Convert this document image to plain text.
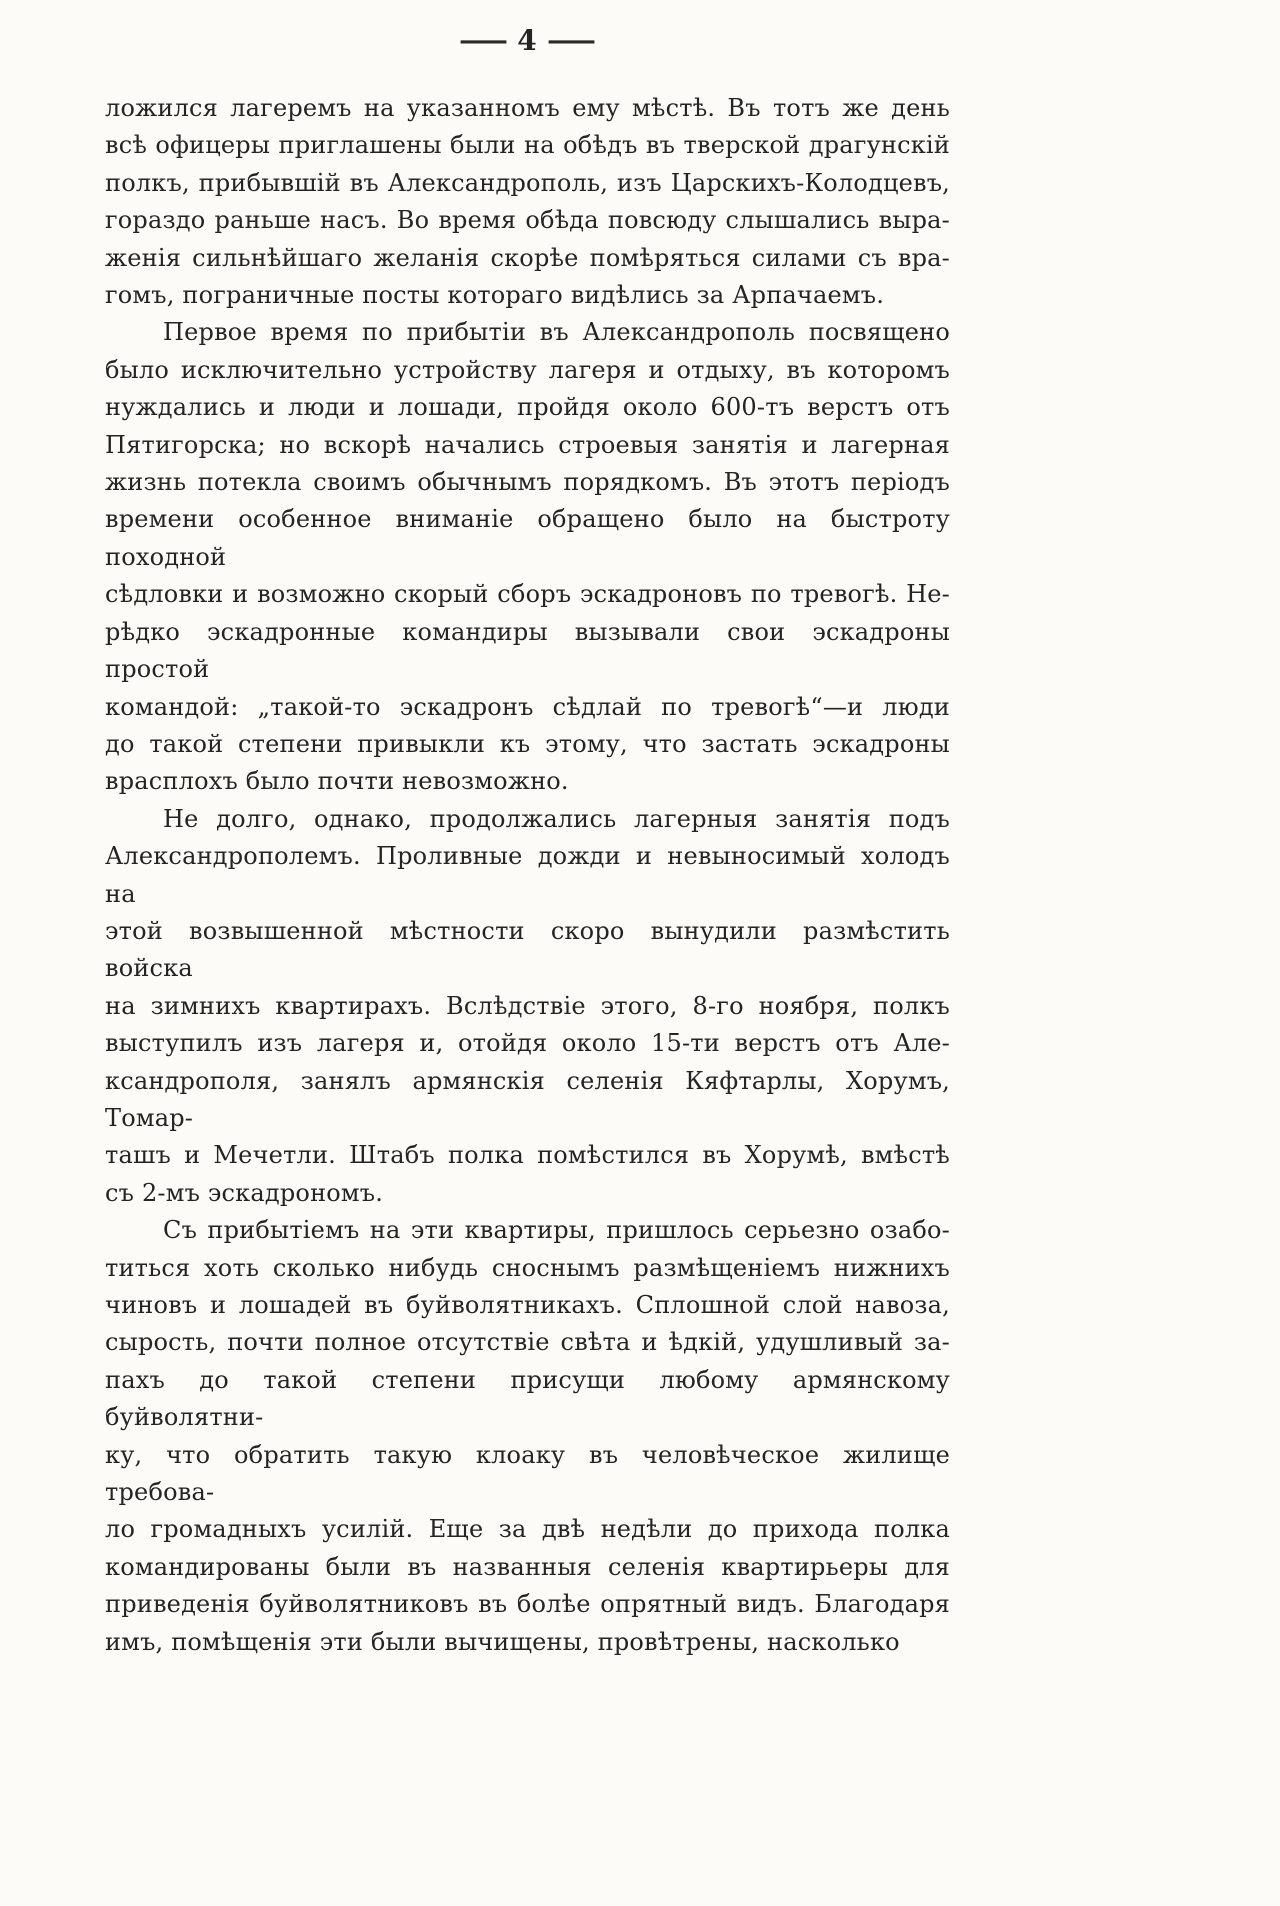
— 4 —
ложился лагеремъ на указанномъ ему мѣстѣ. Въ тотъ же день
всѣ офицеры приглашены были на обѣдъ въ тверской драгунскій
полкъ, прибывшій въ Александрополь, изъ Царскихъ-Колодцевъ,
гораздо раньше насъ. Во время обѣда повсюду слышались выра-
женія сильнѣйшаго желанія скорѣе помѣряться силами съ вра-
гомъ, пограничные посты котораго видѣлись за Арпачаемъ.
Первое время по прибытіи въ Александрополь посвящено
было исключительно устройству лагеря и отдыху, въ которомъ
нуждались и люди и лошади, пройдя около 600-тъ верстъ отъ
Пятигорска; но вскорѣ начались строевыя занятія и лагерная
жизнь потекла своимъ обычнымъ порядкомъ. Въ этотъ періодъ
времени особенное вниманіе обращено было на быстроту походной
сѣдловки и возможно скорый сборъ эскадроновъ по тревогѣ. Не-
рѣдко эскадронные командиры вызывали свои эскадроны простой
командой: „такой-то эскадронъ сѣдлай по тревогѣ“—и люди
до такой степени привыкли къ этому, что застать эскадроны
врасплохъ было почти невозможно.
Не долго, однако, продолжались лагерныя занятія подъ
Александрополемъ. Проливные дожди и невыносимый холодъ на
этой возвышенной мѣстности скоро вынудили размѣстить войска
на зимнихъ квартирахъ. Вслѣдствіе этого, 8-го ноября, полкъ
выступилъ изъ лагеря и, отойдя около 15-ти верстъ отъ Але-
ксандрополя, занялъ армянскія селенія Кяфтарлы, Хорумъ, Томар-
ташъ и Мечетли. Штабъ полка помѣстился въ Хорумѣ, вмѣстѣ
съ 2-мъ эскадрономъ.
Съ прибытіемъ на эти квартиры, пришлось серьезно озабо-
титься хоть сколько нибудь сноснымъ размѣщеніемъ нижнихъ
чиновъ и лошадей въ буйволятникахъ. Сплошной слой навоза,
сырость, почти полное отсутствіе свѣта и ѣдкій, удушливый за-
пахъ до такой степени присущи любому армянскому буйволятни-
ку, что обратить такую клоаку въ человѣческое жилище требова-
ло громадныхъ усилій. Еще за двѣ недѣли до прихода полка
командированы были въ названныя селенія квартирьеры для
приведенія буйволятниковъ въ болѣе опрятный видъ. Благодаря
имъ, помѣщенія эти были вычищены, провѣтрены, насколько
